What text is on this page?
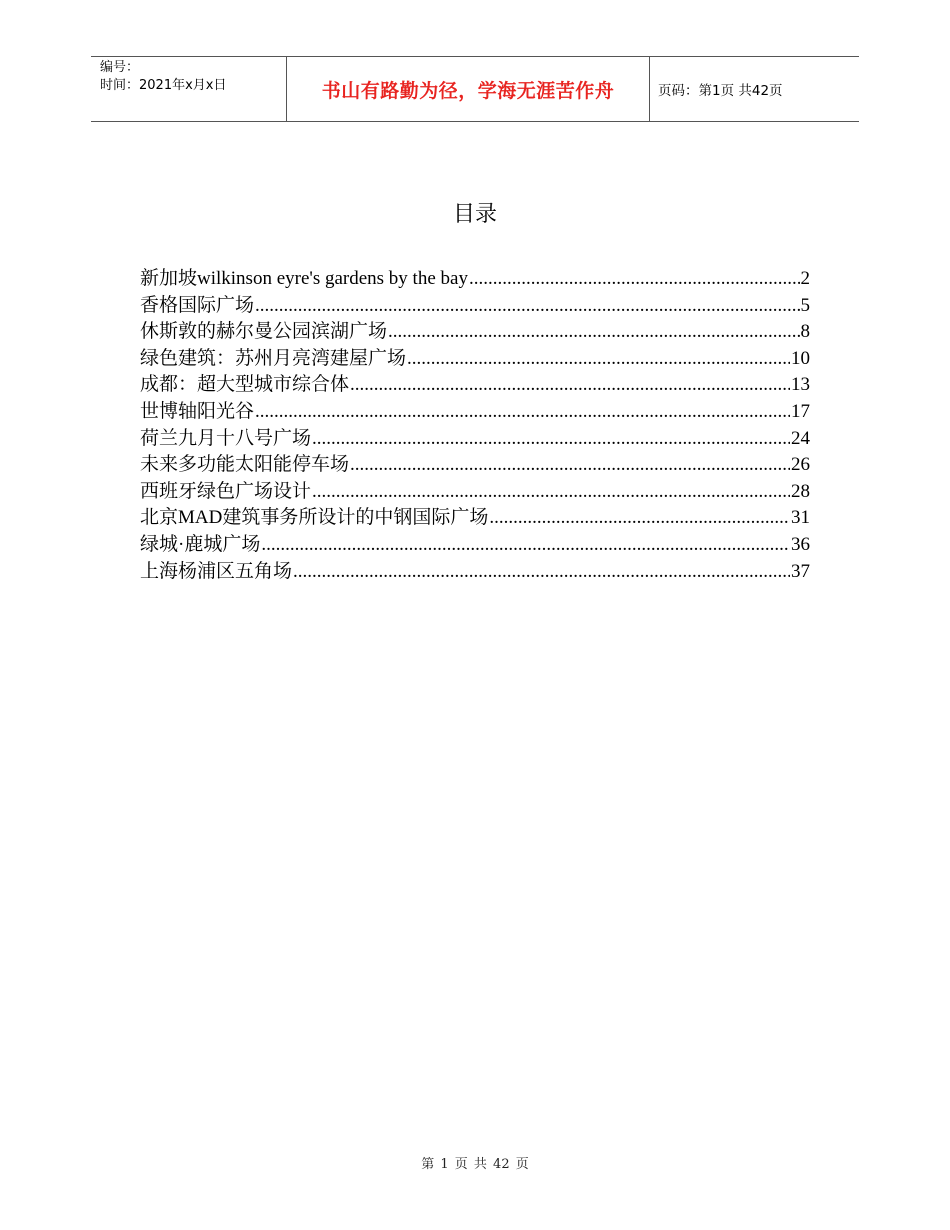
编号：
时间：2021年x月x日	书山有路勤为径，学海无涯苦作舟	页码：第1页 共42页
目录
新加坡wilkinson eyre's gardens by the bay .....	2
香格国际广场 .....	5
休斯敦的赫尔曼公园滨湖广场 .....	8
绿色建筑：苏州月亮湾建屋广场 .....	10
成都：超大型城市综合体 .....	13
世博轴阳光谷 .....	17
荷兰九月十八号广场 .....	24
未来多功能太阳能停车场 .....	26
西班牙绿色广场设计 .....	28
北京MAD建筑事务所设计的中钢国际广场 .....	31
绿城·鹿城广场 .....	36
上海杨浦区五角场 .....	37
第 1 页 共 42 页
